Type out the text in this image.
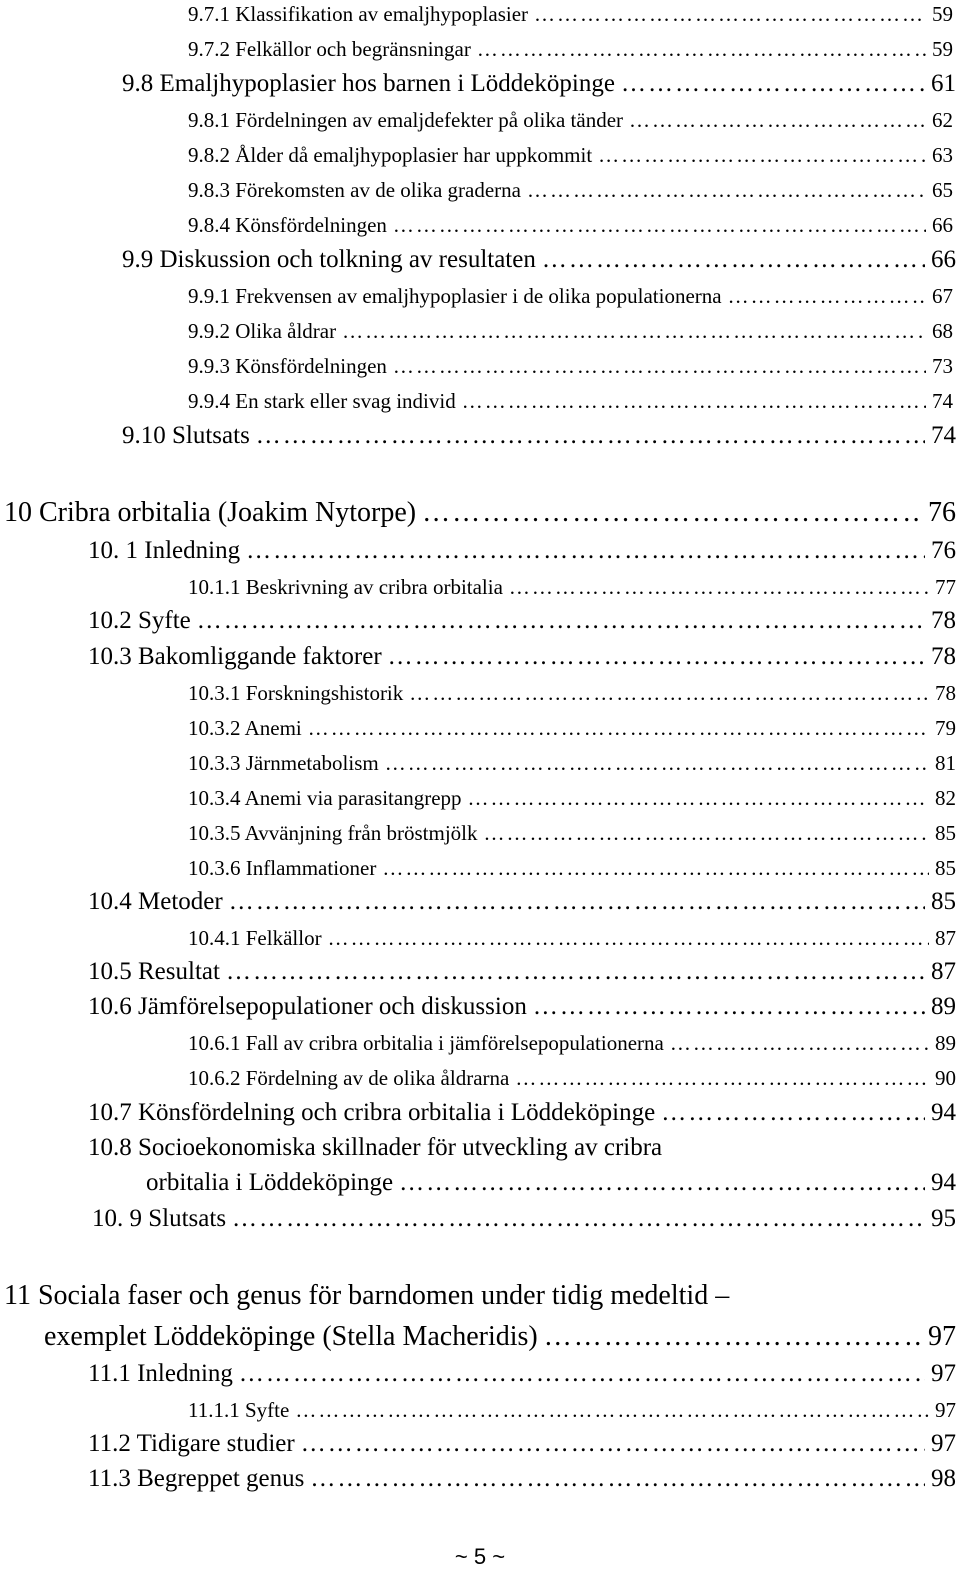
9.7.1 Klassifikation av emaljhypoplasier ………………………………………………………………………………………………………………………………………………………………………………………………………………	59
9.7.2 Felkällor och begränsningar ………………………………………………………………………………………………………………………………………………………………………………………………………………	59
9.8 Emaljhypoplasier hos barnen i Löddeköpinge ………………………………………………………………………………………………………………………………………………………………………………………………………………	61
9.8.1 Fördelningen av emaljdefekter på olika tänder ………………………………………………………………………………………………………………………………………………………………………………………………………………	62
9.8.2 Ålder då emaljhypoplasier har uppkommit ………………………………………………………………………………………………………………………………………………………………………………………………………………	63
9.8.3 Förekomsten av de olika graderna ………………………………………………………………………………………………………………………………………………………………………………………………………………	65
9.8.4 Könsfördelningen ………………………………………………………………………………………………………………………………………………………………………………………………………………	66
9.9 Diskussion och tolkning av resultaten ………………………………………………………………………………………………………………………………………………………………………………………………………………	66
9.9.1 Frekvensen av emaljhypoplasier i de olika populationerna ………………………………………………………………………………………………………………………………………………………………………………………………………………	67
9.9.2 Olika åldrar ………………………………………………………………………………………………………………………………………………………………………………………………………………	68
9.9.3 Könsfördelningen ………………………………………………………………………………………………………………………………………………………………………………………………………………	73
9.9.4 En stark eller svag individ ………………………………………………………………………………………………………………………………………………………………………………………………………………	74
9.10 Slutsats ………………………………………………………………………………………………………………………………………………………………………………………………………………	74
10 Cribra orbitalia (Joakim Nytorpe) ………………………………………………………………………………………………………………………………………………………………………………………………………………	76
10. 1 Inledning ………………………………………………………………………………………………………………………………………………………………………………………………………………	76
10.1.1 Beskrivning av cribra orbitalia ………………………………………………………………………………………………………………………………………………………………………………………………………………	77
10.2 Syfte ………………………………………………………………………………………………………………………………………………………………………………………………………………	78
10.3 Bakomliggande faktorer ………………………………………………………………………………………………………………………………………………………………………………………………………………	78
10.3.1 Forskningshistorik ………………………………………………………………………………………………………………………………………………………………………………………………………………	78
10.3.2 Anemi ………………………………………………………………………………………………………………………………………………………………………………………………………………	79
10.3.3 Järnmetabolism ………………………………………………………………………………………………………………………………………………………………………………………………………………	81
10.3.4 Anemi via parasitangrepp ………………………………………………………………………………………………………………………………………………………………………………………………………………	82
10.3.5 Avvänjning från bröstmjölk ………………………………………………………………………………………………………………………………………………………………………………………………………………	85
10.3.6 Inflammationer ………………………………………………………………………………………………………………………………………………………………………………………………………………	85
10.4 Metoder ………………………………………………………………………………………………………………………………………………………………………………………………………………	85
10.4.1 Felkällor ………………………………………………………………………………………………………………………………………………………………………………………………………………	87
10.5 Resultat ………………………………………………………………………………………………………………………………………………………………………………………………………………	87
10.6 Jämförelsepopulationer och diskussion ………………………………………………………………………………………………………………………………………………………………………………………………………………	89
10.6.1 Fall av cribra orbitalia i jämförelsepopulationerna ………………………………………………………………………………………………………………………………………………………………………………………………………………	89
10.6.2 Fördelning av de olika åldrarna ………………………………………………………………………………………………………………………………………………………………………………………………………………	90
10.7 Könsfördelning och cribra orbitalia i Löddeköpinge ………………………………………………………………………………………………………………………………………………………………………………………………………………	94
10.8 Socioekonomiska skillnader för utveckling av cribra
orbitalia i Löddeköpinge ………………………………………………………………………………………………………………………………………………………………………………………………………………	94
10. 9 Slutsats ………………………………………………………………………………………………………………………………………………………………………………………………………………	95
11 Sociala faser och genus för barndomen under tidig medeltid –
exemplet Löddeköpinge (Stella Macheridis) ………………………………………………………………………………………………………………………………………………………………………………………………………………	97
11.1 Inledning ………………………………………………………………………………………………………………………………………………………………………………………………………………	97
11.1.1 Syfte ………………………………………………………………………………………………………………………………………………………………………………………………………………	97
11.2 Tidigare studier ………………………………………………………………………………………………………………………………………………………………………………………………………………	97
11.3 Begreppet genus ………………………………………………………………………………………………………………………………………………………………………………………………………………	98
~ 5 ~
